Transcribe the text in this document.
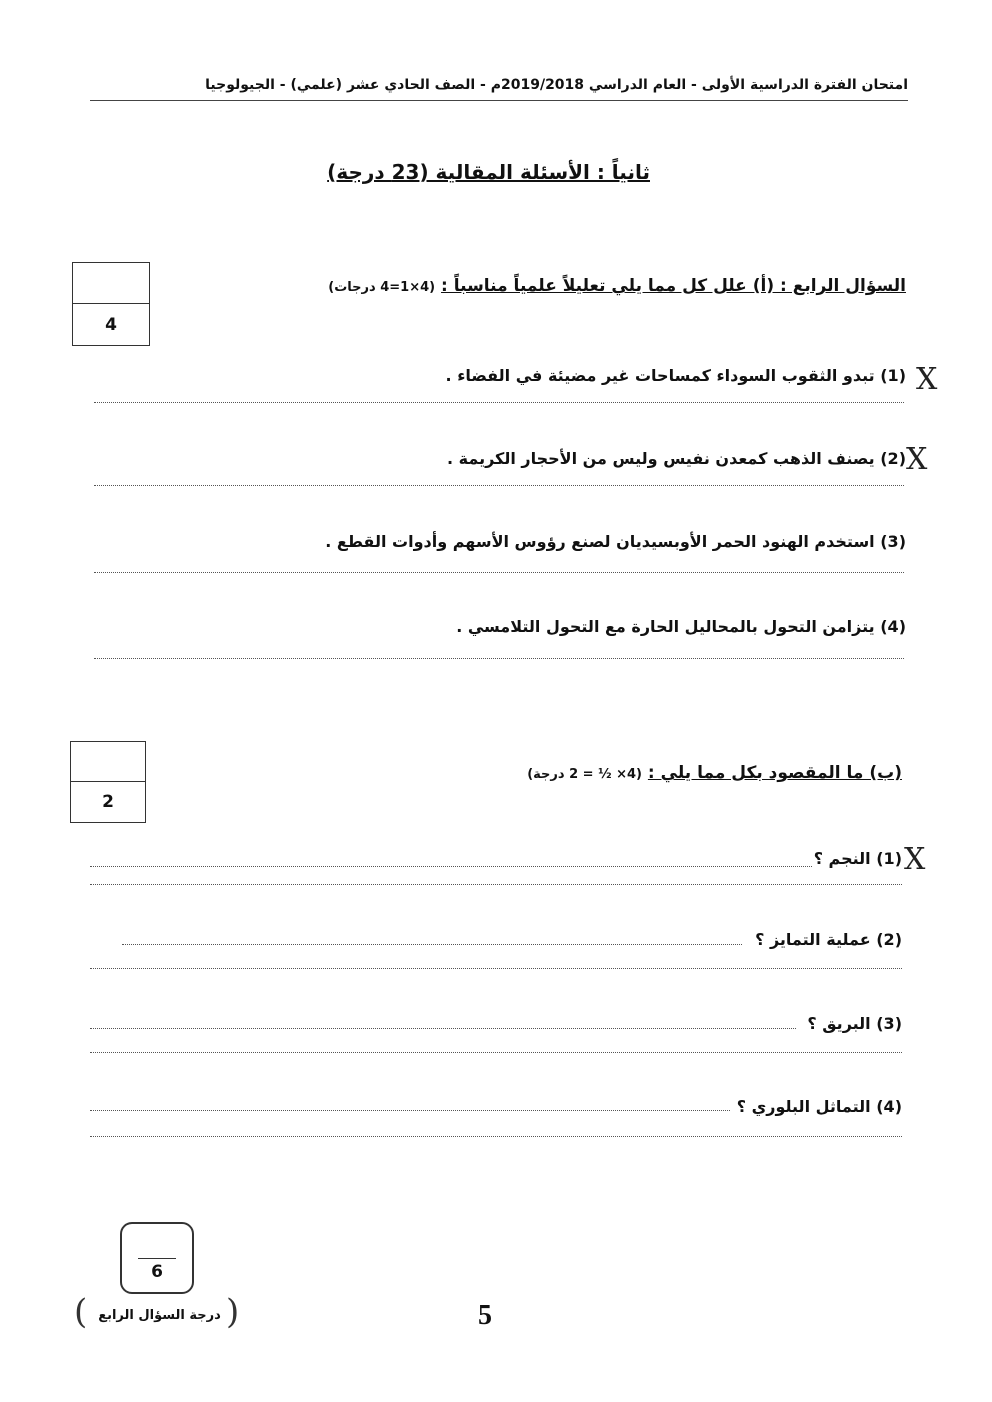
امتحان الفترة الدراسية الأولى - العام الدراسي 2019/2018م - الصف الحادي عشر (علمي) - الجيولوجيا
ثانياً : الأسئلة المقالية (23 درجة)
4
السؤال الرابع : (أ) علل كل مما يلي تعليلاً علمياً مناسباً : (4×1=4 درجات)
(1) تبدو الثقوب السوداء كمساحات غير مضيئة في الفضاء . X
(2) يصنف الذهب كمعدن نفيس وليس من الأحجار الكريمة . X
(3) استخدم الهنود الحمر الأوبسيديان لصنع رؤوس الأسهم وأدوات القطع .
(4) يتزامن التحول بالمحاليل الحارة مع التحول التلامسي .
2
(ب) ما المقصود بكل مما يلي : (4× ½ = 2 درجة)
(1) النجم ؟ X
(2) عملية التمايز ؟
(3) البريق ؟
(4) التماثل البلوري ؟
6
( درجة السؤال الرابع )	5
